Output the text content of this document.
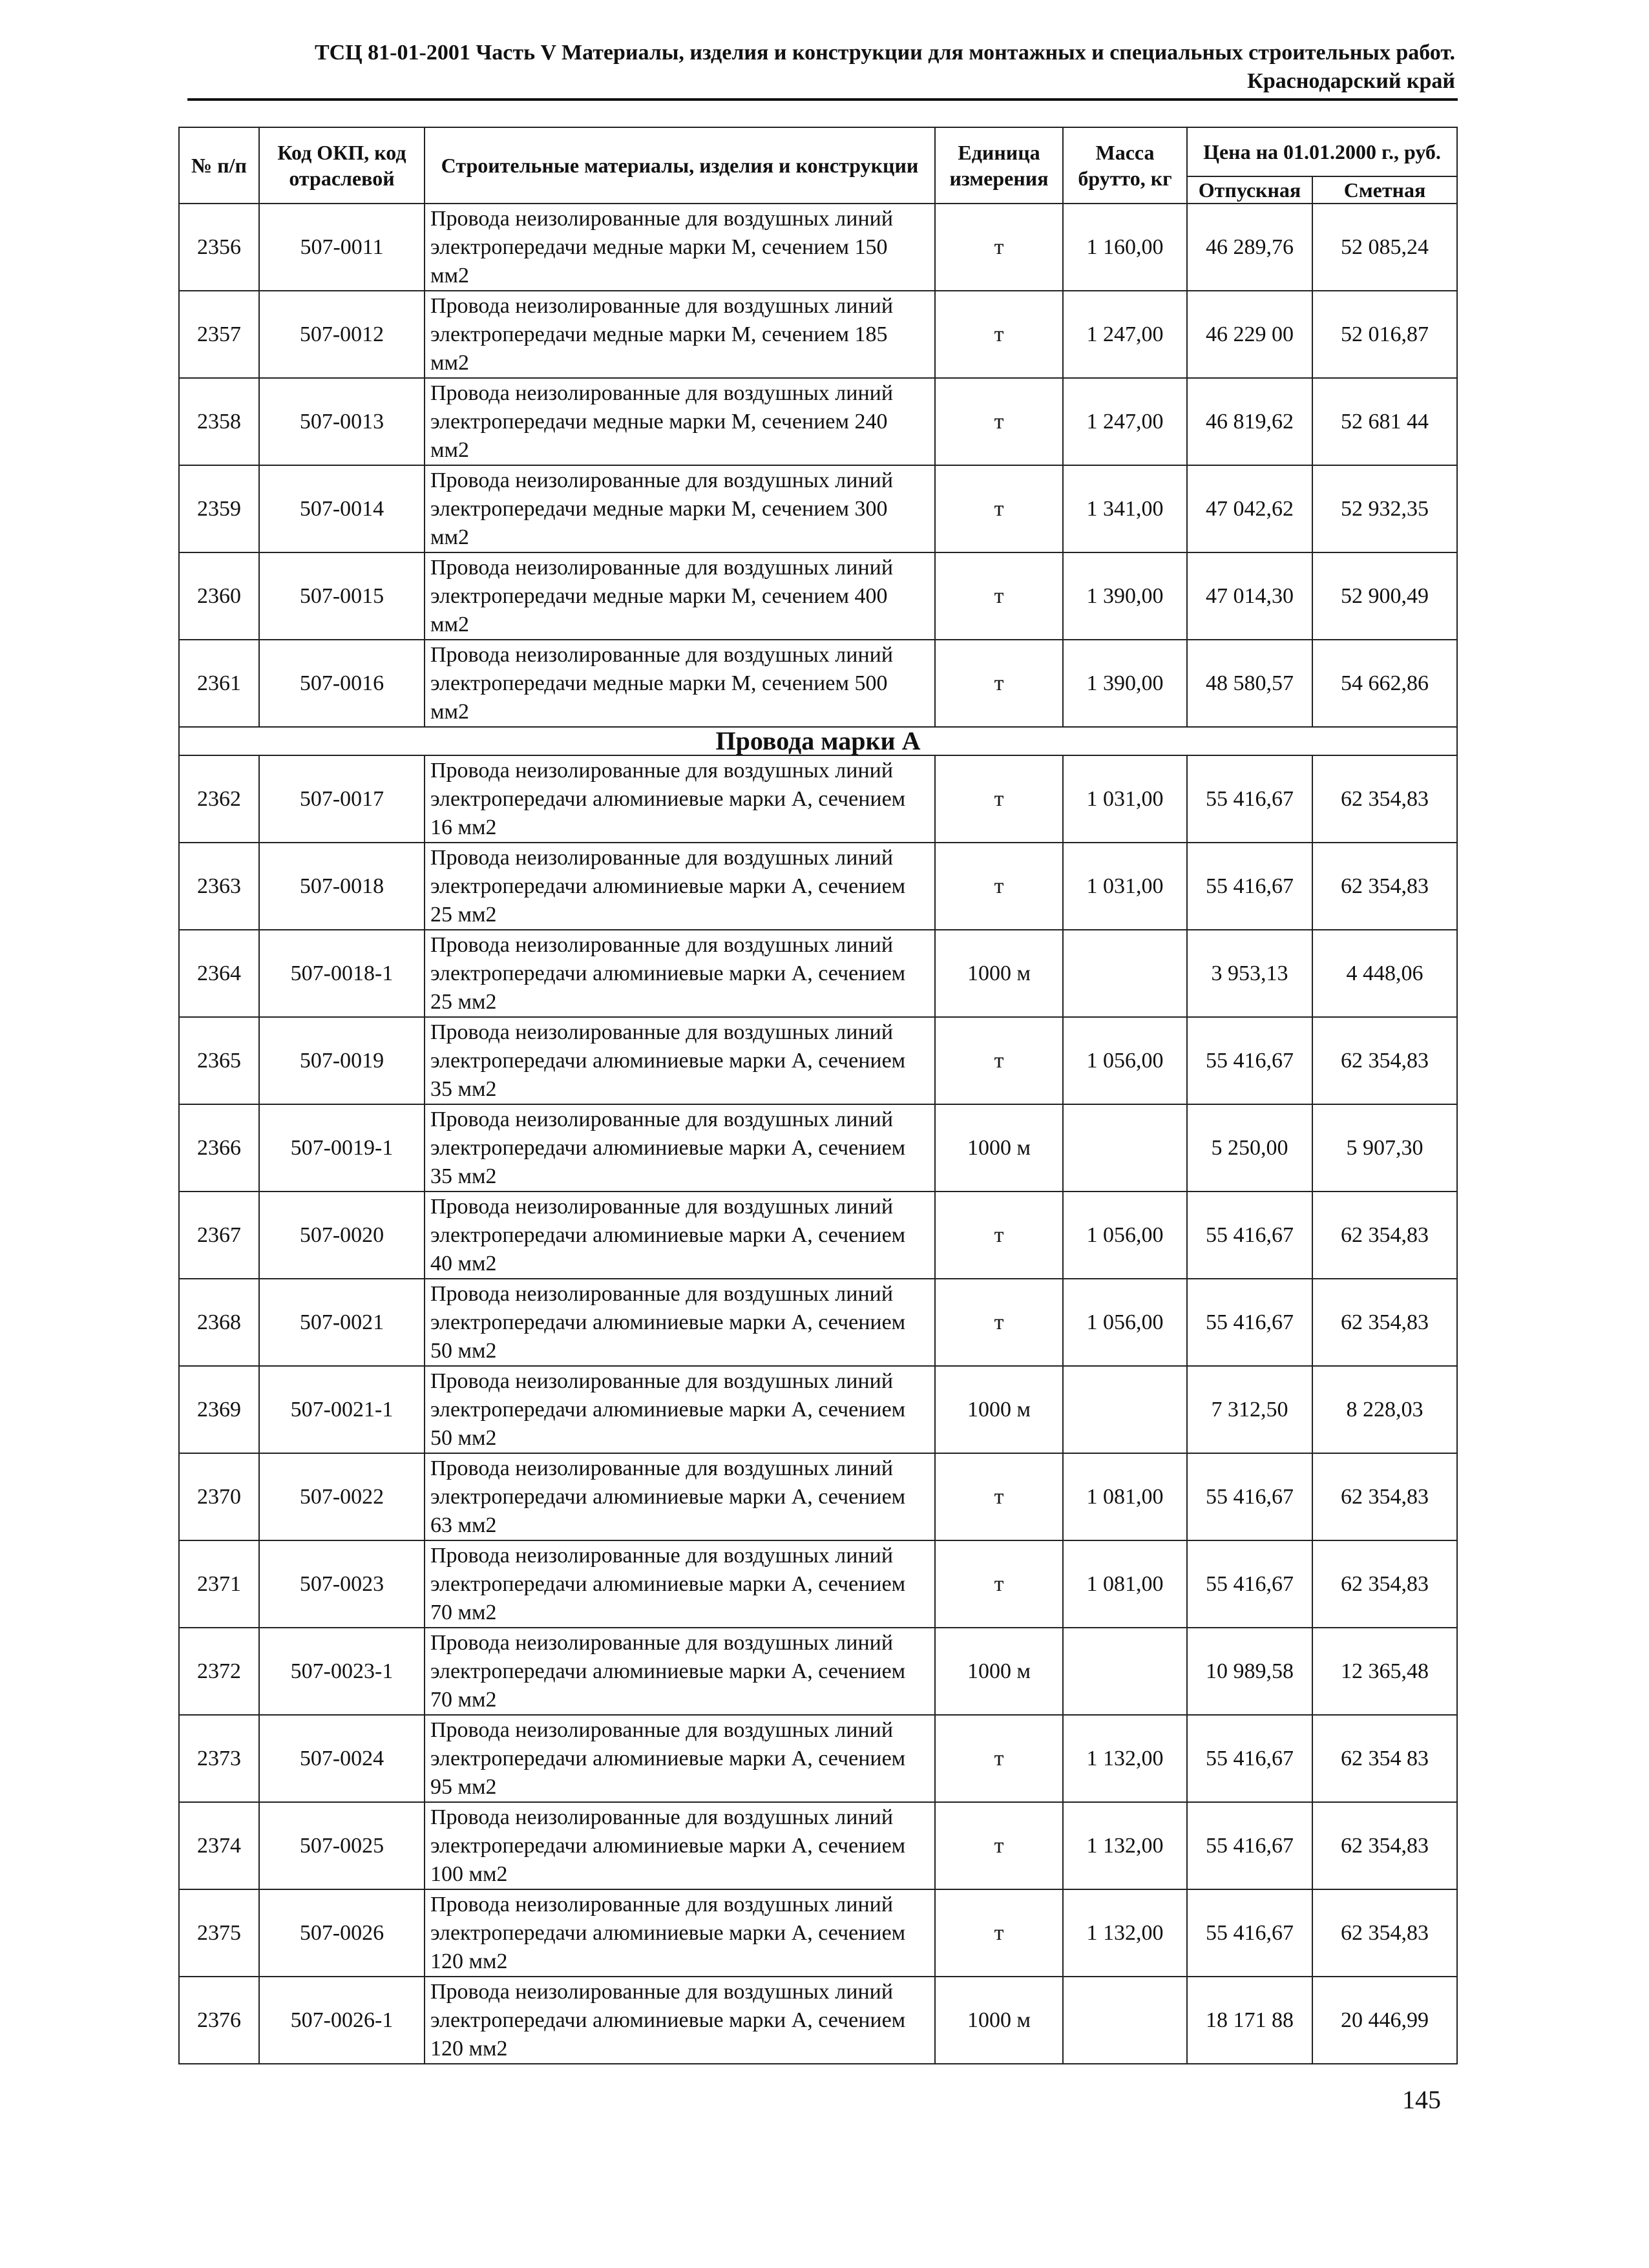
ТСЦ 81-01-2001 Часть V Материалы, изделия и конструкции для монтажных и специальных строительных работ.
Краснодарский край
№ п/п	Код ОКП, код отраслевой	Строительные материалы, изделия и конструкции	Единица измерения	Масса брутто, кг	Цена на 01.01.2000 г., руб.	
					Отпускная	Сметная
2356	507-0011	Провода неизолированные для воздушных линий электропередачи медные марки М, сечением 150 мм2	т	1 160,00	46 289,76	52 085,24
2357	507-0012	Провода неизолированные для воздушных линий электропередачи медные марки М, сечением 185 мм2	т	1 247,00	46 229 00	52 016,87
2358	507-0013	Провода неизолированные для воздушных линий электропередачи медные марки М, сечением 240 мм2	т	1 247,00	46 819,62	52 681 44
2359	507-0014	Провода неизолированные для воздушных линий электропередачи медные марки М, сечением 300 мм2	т	1 341,00	47 042,62	52 932,35
2360	507-0015	Провода неизолированные для воздушных линий электропередачи медные марки М, сечением 400 мм2	т	1 390,00	47 014,30	52 900,49
2361	507-0016	Провода неизолированные для воздушных линий электропередачи медные марки М, сечением 500 мм2	т	1 390,00	48 580,57	54 662,86
Провода марки А						
2362	507-0017	Провода неизолированные для воздушных линий электропередачи алюминиевые марки А, сечением 16 мм2	т	1 031,00	55 416,67	62 354,83
2363	507-0018	Провода неизолированные для воздушных линий электропередачи алюминиевые марки А, сечением 25 мм2	т	1 031,00	55 416,67	62 354,83
2364	507-0018-1	Провода неизолированные для воздушных линий электропередачи алюминиевые марки А, сечением 25 мм2	1000 м		3 953,13	4 448,06
2365	507-0019	Провода неизолированные для воздушных линий электропередачи алюминиевые марки А, сечением 35 мм2	т	1 056,00	55 416,67	62 354,83
2366	507-0019-1	Провода неизолированные для воздушных линий электропередачи алюминиевые марки А, сечением 35 мм2	1000 м		5 250,00	5 907,30
2367	507-0020	Провода неизолированные для воздушных линий электропередачи алюминиевые марки А, сечением 40 мм2	т	1 056,00	55 416,67	62 354,83
2368	507-0021	Провода неизолированные для воздушных линий электропередачи алюминиевые марки А, сечением 50 мм2	т	1 056,00	55 416,67	62 354,83
2369	507-0021-1	Провода неизолированные для воздушных линий электропередачи алюминиевые марки А, сечением 50 мм2	1000 м		7 312,50	8 228,03
2370	507-0022	Провода неизолированные для воздушных линий электропередачи алюминиевые марки А, сечением 63 мм2	т	1 081,00	55 416,67	62 354,83
2371	507-0023	Провода неизолированные для воздушных линий электропередачи алюминиевые марки А, сечением 70 мм2	т	1 081,00	55 416,67	62 354,83
2372	507-0023-1	Провода неизолированные для воздушных линий электропередачи алюминиевые марки А, сечением 70 мм2	1000 м		10 989,58	12 365,48
2373	507-0024	Провода неизолированные для воздушных линий электропередачи алюминиевые марки А, сечением 95 мм2	т	1 132,00	55 416,67	62 354 83
2374	507-0025	Провода неизолированные для воздушных линий электропередачи алюминиевые марки А, сечением 100 мм2	т	1 132,00	55 416,67	62 354,83
2375	507-0026	Провода неизолированные для воздушных линий электропередачи алюминиевые марки А, сечением 120 мм2	т	1 132,00	55 416,67	62 354,83
2376	507-0026-1	Провода неизолированные для воздушных линий электропередачи алюминиевые марки А, сечением 120 мм2	1000 м		18 171 88	20 446,99
145
